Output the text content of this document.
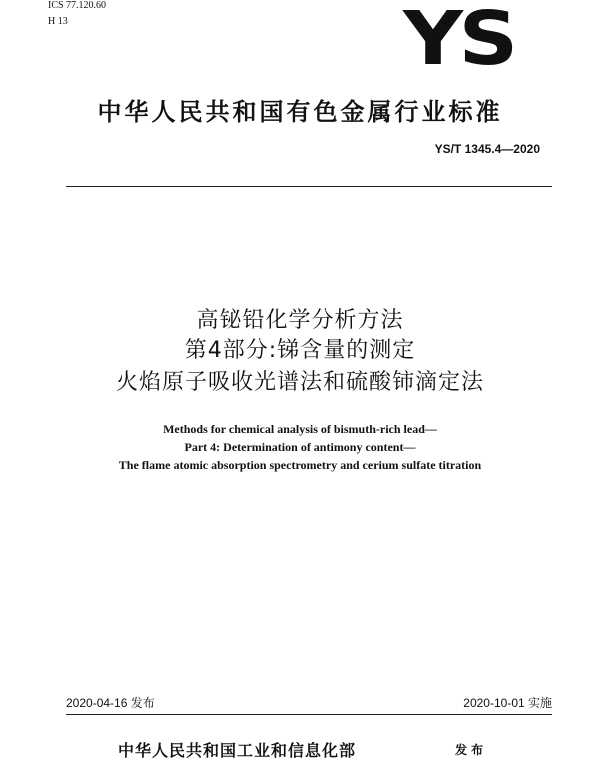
ICS 77.120.60
H 13	YS
中华人民共和国有色金属行业标准
YS/T 1345.4—2020
高铋铅化学分析方法
第4部分:锑含量的测定
火焰原子吸收光谱法和硫酸铈滴定法
Methods for chemical analysis of bismuth-rich lead—
Part 4: Determination of antimony content—
The flame atomic absorption spectrometry and cerium sulfate titration
2020-04-16 发布	2020-10-01 实施
中华人民共和国工业和信息化部	发布
